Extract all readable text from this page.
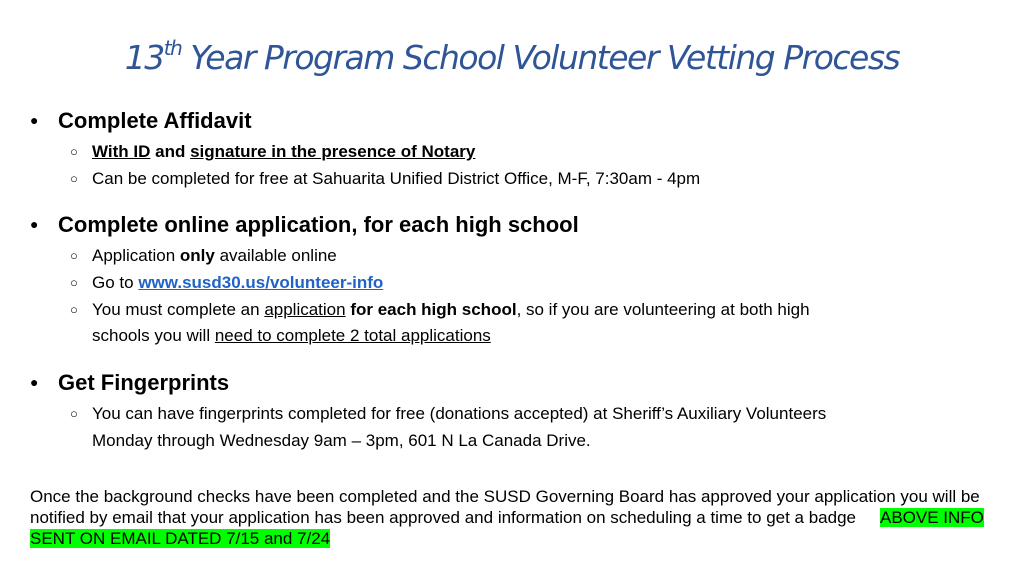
13th Year Program School Volunteer Vetting Process
● Complete Affidavit
○ With ID and signature in the presence of Notary
○ Can be completed for free at Sahuarita Unified District Office, M-F, 7:30am - 4pm
● Complete online application, for each high school
○ Application only available online
○ Go to www.susd30.us/volunteer-info
○ You must complete an application for each high school, so if you are volunteering at both high
schools you will need to complete 2 total applications
● Get Fingerprints
○ You can have fingerprints completed for free (donations accepted) at Sheriff’s Auxiliary Volunteers
Monday through Wednesday 9am – 3pm, 601 N La Canada Drive.
Once the background checks have been completed and the SUSD Governing Board has approved your application you will be notified by email that your application has been approved and information on scheduling a time to get a badge ABOVE INFO SENT ON EMAIL DATED 7/15 and 7/24
